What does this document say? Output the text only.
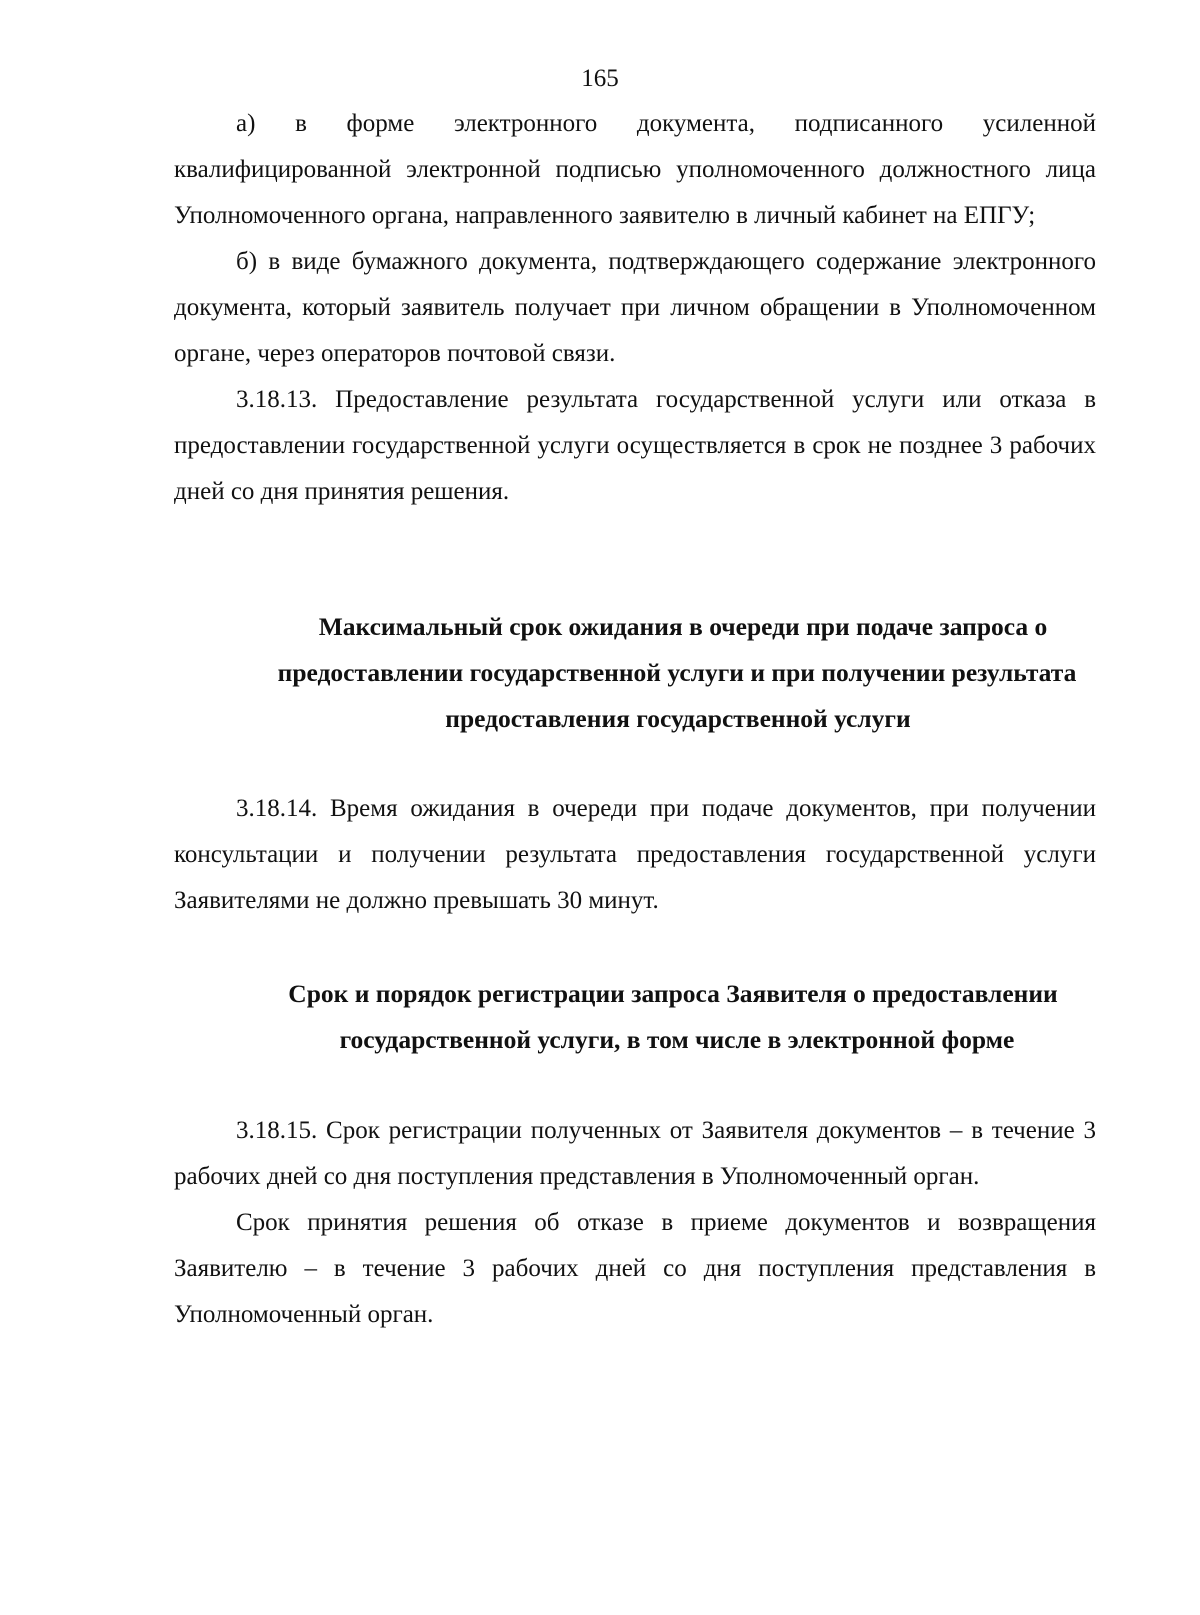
165

а) в форме электронного документа, подписанного усиленной квалифицированной электронной подписью уполномоченного должностного лица Уполномоченного органа, направленного заявителю в личный кабинет на ЕПГУ;

б) в виде бумажного документа, подтверждающего содержание электронного документа, который заявитель получает при личном обращении в Уполномоченном органе, через операторов почтовой связи.

3.18.13. Предоставление результата государственной услуги или отказа в предоставлении государственной услуги осуществляется в срок не позднее 3 рабочих дней со дня принятия решения.

Максимальный срок ожидания в очереди при подаче запроса о

предоставлении государственной услуги и при получении результата

предоставления государственной услуги

3.18.14. Время ожидания в очереди при подаче документов, при получении консультации и получении результата предоставления государственной услуги Заявителями не должно превышать 30 минут.

Срок и порядок регистрации запроса Заявителя о предоставлении

государственной услуги, в том числе в электронной форме

3.18.15. Срок регистрации полученных от Заявителя документов – в течение 3 рабочих дней со дня поступления представления в Уполномоченный орган.

Срок принятия решения об отказе в приеме документов и возвращения Заявителю – в течение 3 рабочих дней со дня поступления представления в Уполномоченный орган.
